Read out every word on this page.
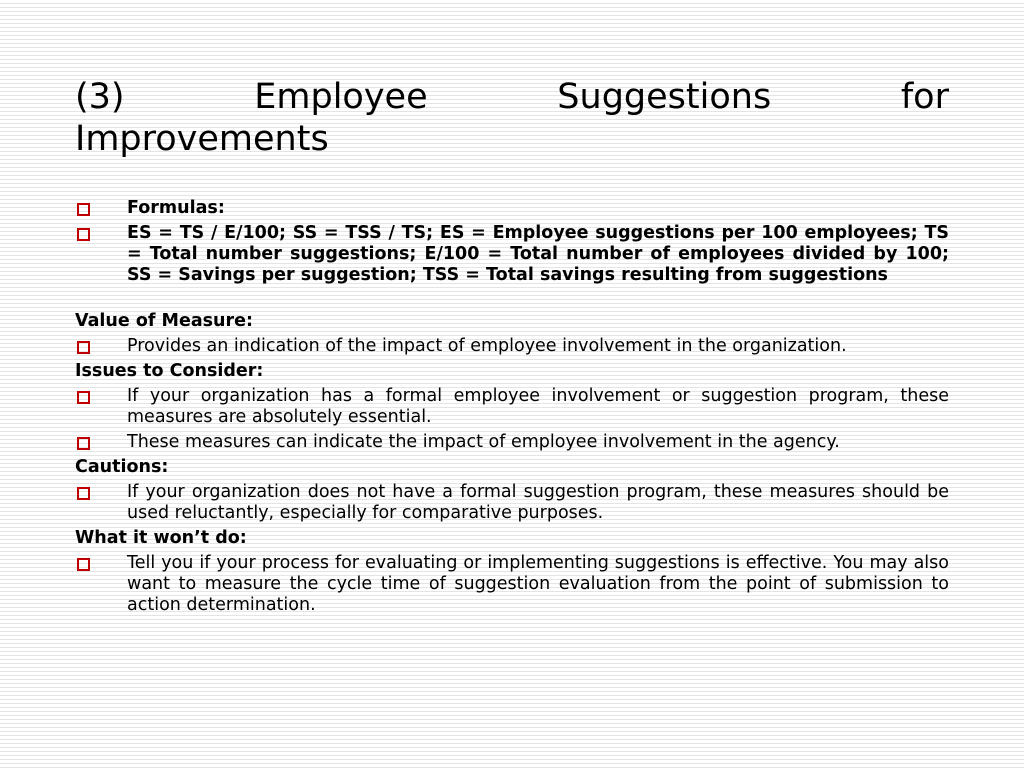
(3) Employee Suggestions for
Improvements
Formulas:
ES = TS / E/100; SS = TSS / TS; ES = Employee suggestions per 100 employees; TS = Total number suggestions; E/100 = Total number of employees divided by 100; SS = Savings per suggestion; TSS = Total savings resulting from suggestions
Value of Measure:
Provides an indication of the impact of employee involvement in the organization.
Issues to Consider:
If your organization has a formal employee involvement or suggestion program, these measures are absolutely essential.
These measures can indicate the impact of employee involvement in the agency.
Cautions:
If your organization does not have a formal suggestion program, these measures should be used reluctantly, especially for comparative purposes.
What it won’t do:
Tell you if your process for evaluating or implementing suggestions is effective. You may also want to measure the cycle time of suggestion evaluation from the point of submission to action determination.
